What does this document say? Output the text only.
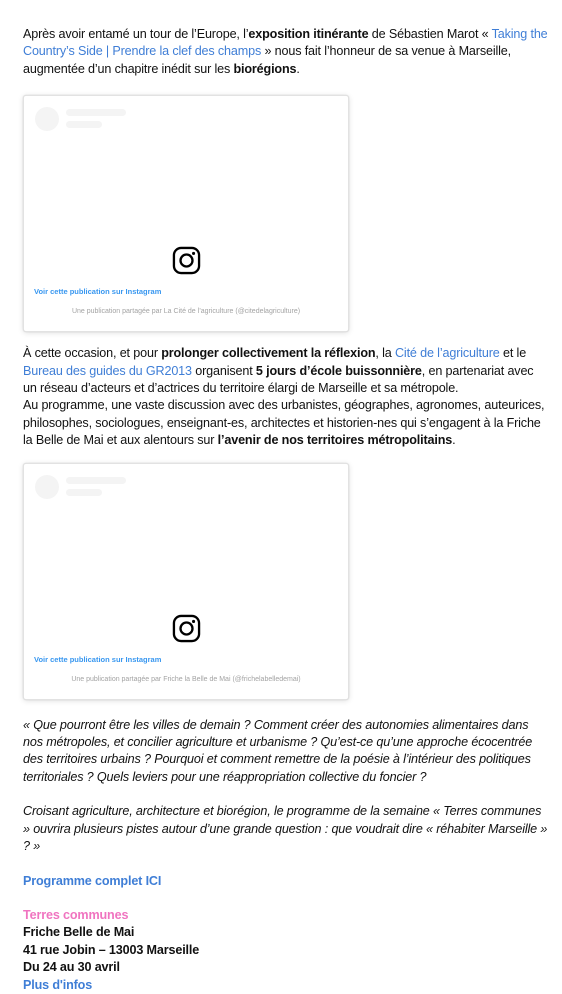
Après avoir entamé un tour de l’Europe, l’exposition itinérante de Sébastien Marot « Taking the Country’s Side | Prendre la clef des champs » nous fait l’honneur de sa venue à Marseille, augmentée d’un chapitre inédit sur les biorégions.

Voir cette publication sur Instagram
Une publication partagée par La Cité de l’agriculture (@citedelagriculture)

À cette occasion, et pour prolonger collectivement la réflexion, la Cité de l’agriculture et le Bureau des guides du GR2013 organisent 5 jours d’école buissonnière, en partenariat avec un réseau d’acteurs et d’actrices du territoire élargi de Marseille et sa métropole.
Au programme, une vaste discussion avec des urbanistes, géographes, agronomes, auteurices, philosophes, sociologues, enseignant-es, architectes et historien-nes qui s’engagent à la Friche la Belle de Mai et aux alentours sur l’avenir de nos territoires métropolitains.

Voir cette publication sur Instagram
Une publication partagée par Friche la Belle de Mai (@frichelabelledemai)

« Que pourront être les villes de demain ? Comment créer des autonomies alimentaires dans nos métropoles, et concilier agriculture et urbanisme ? Qu’est-ce qu’une approche écocentrée des territoires urbains ? Pourquoi et comment remettre de la poésie à l’intérieur des politiques territoriales ? Quels leviers pour une réappropriation collective du foncier ?

Croisant agriculture, architecture et biorégion, le programme de la semaine « Terres communes » ouvrira plusieurs pistes autour d’une grande question : que voudrait dire « réhabiter Marseille » ? »

Programme complet ICI

Terres communes
Friche Belle de Mai
41 rue Jobin – 13003 Marseille
Du 24 au 30 avril
Plus d'infos
